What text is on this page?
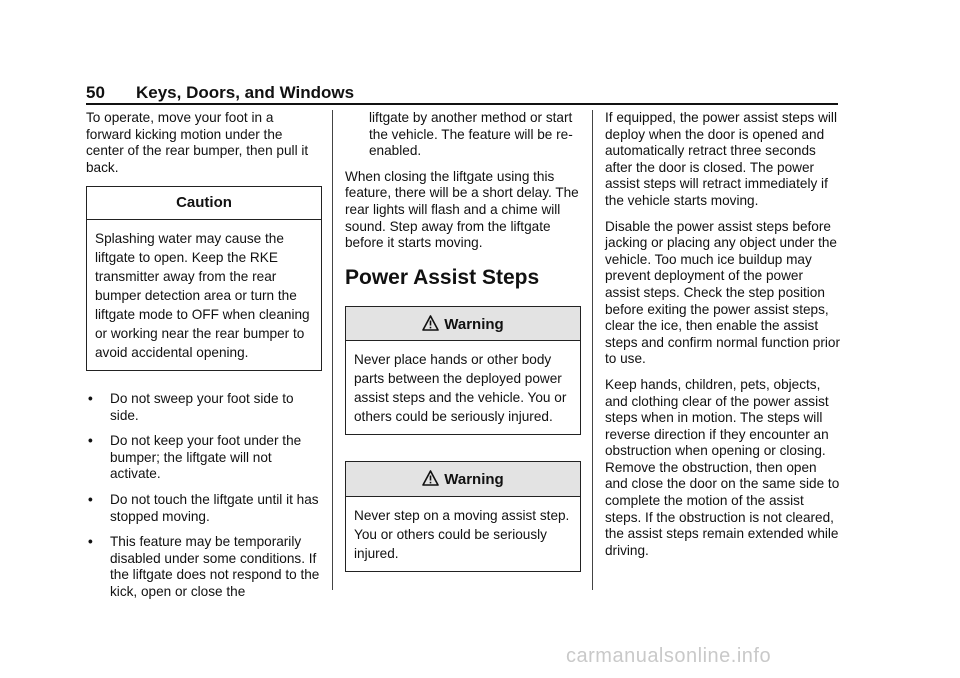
50 Keys, Doors, and Windows

To operate, move your foot in a forward kicking motion under the center of the rear bumper, then pull it back.

Caution
Splashing water may cause the liftgate to open. Keep the RKE transmitter away from the rear bumper detection area or turn the liftgate mode to OFF when cleaning or working near the rear bumper to avoid accidental opening.
• Do not sweep your foot side to side.
• Do not keep your foot under the bumper; the liftgate will not activate.
• Do not touch the liftgate until it has stopped moving.
• This feature may be temporarily disabled under some conditions. If the liftgate does not respond to the kick, open or close the
liftgate by another method or start the vehicle. The feature will be re-enabled.

When closing the liftgate using this feature, there will be a short delay. The rear lights will flash and a chime will sound. Step away from the liftgate before it starts moving.

Power Assist Steps
Warning
Never place hands or other body parts between the deployed power assist steps and the vehicle. You or others could be seriously injured.
Warning
Never step on a moving assist step. You or others could be seriously injured.

If equipped, the power assist steps will deploy when the door is opened and automatically retract three seconds after the door is closed. The power assist steps will retract immediately if the vehicle starts moving.

Disable the power assist steps before jacking or placing any object under the vehicle. Too much ice buildup may prevent deployment of the power assist steps. Check the step position before exiting the power assist steps, clear the ice, then enable the assist steps and confirm normal function prior to use.

Keep hands, children, pets, objects, and clothing clear of the power assist steps when in motion. The steps will reverse direction if they encounter an obstruction when opening or closing. Remove the obstruction, then open and close the door on the same side to complete the motion of the assist steps. If the obstruction is not cleared, the assist steps remain extended while driving.

carmanualsonline.info
